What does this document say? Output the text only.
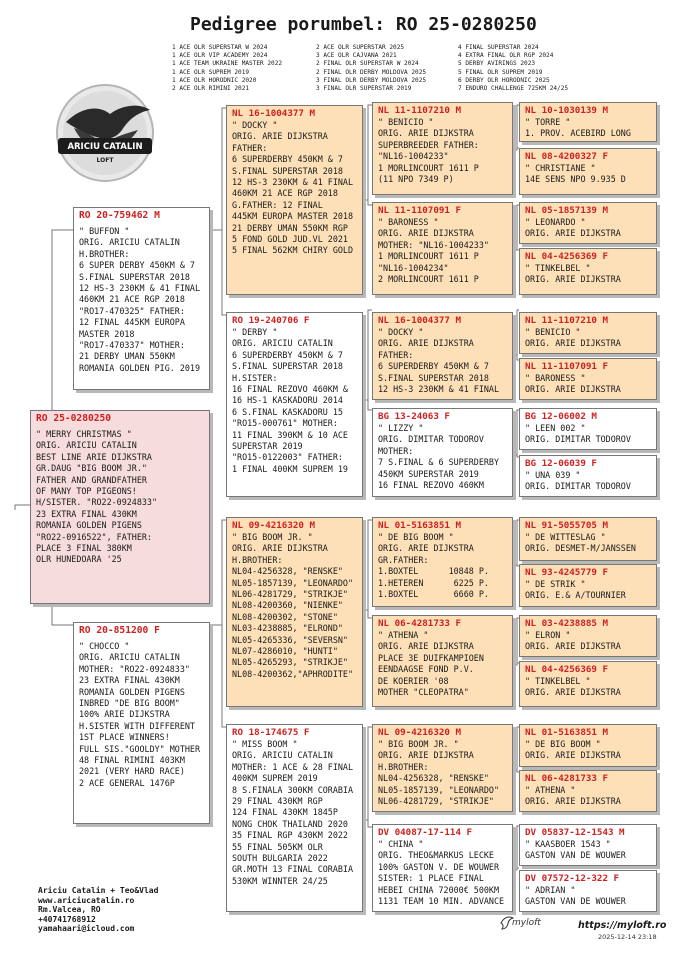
Pedigree porumbel: RO 25-0280250
1 ACE OLR SUPERSTAR W 2024
1 ACE OLR VIP ACADEMY 2024
1 ACE TEAM UKRAINE MASTER 2022
1 ACE OLR SUPREM 2019
1 ACE OLR HORODNIC 2020
2 ACE OLR RIMINI 2021
2 ACE OLR SUPERSTAR 2025
3 ACE OLR CAJVANA 2021
2 FINAL OLR SUPERSTAR W 2024
2 FINAL OLR DERBY MOLDOVA 2025
3 FINAL OLR DERBY MOLDOVA 2025
3 FINAL OLR SUPERSTAR 2019
4 FINAL SUPERSTAR 2024
4 EXTRA FINAL OLR RGP 2024
5 DERBY AVIRINGS 2023
5 FINAL OLR SUPREM 2019
6 DERBY OLR HORODNIC 2025
7 ENDURO CHALLENGE 725KM 24/25
ARICIU CATALIN
LOFT
RO 25-0280250
" MERRY CHRISTMAS "
ORIG. ARICIU CATALIN
BEST LINE ARIE DIJKSTRA
GR.DAUG "BIG BOOM JR."
FATHER AND GRANDFATHER
OF MANY TOP PIGEONS!
H/SISTER. "RO22-0924833"
23 EXTRA FINAL 430KM
ROMANIA GOLDEN PIGENS
"RO22-0916522", FATHER:
PLACE 3 FINAL 380KM
OLR HUNEDOARA '25
RO 20-759462 M
" BUFFON "
ORIG. ARICIU CATALIN
H.BROTHER:
6 SUPER DERBY 450KM & 7
S.FINAL SUPERSTAR 2018
12 HS-3 230KM & 41 FINAL
460KM 21 ACE RGP 2018
"RO17-470325" FATHER:
12 FINAL 445KM EUROPA
MASTER 2018
"RO17-470337" MOTHER:
21 DERBY UMAN 550KM
ROMANIA GOLDEN PIG. 2019
RO 20-851200 F
" CHOCCO "
ORIG. ARICIU CATALIN
MOTHER: "RO22-0924833"
23 EXTRA FINAL 430KM
ROMANIA GOLDEN PIGENS
INBRED "DE BIG BOOM"
100% ARIE DIJKSTRA
H.SISTER WITH DIFFERENT
1ST PLACE WINNERS!
FULL SIS."GOOLDY" MOTHER
48 FINAL RIMINI 403KM
2021 (VERY HARD RACE)
2 ACE GENERAL 1476P
NL 16-1004377 M
" DOCKY "
ORIG. ARIE DIJKSTRA
FATHER:
6 SUPERDERBY 450KM & 7
S.FINAL SUPERSTAR 2018
12 HS-3 230KM & 41 FINAL
460KM 21 ACE RGP 2018
G.FATHER: 12 FINAL
445KM EUROPA MASTER 2018
21 DERBY UMAN 550KM RGP
5 FOND GOLD JUD.VL 2021
5 FINAL 562KM CHIRY GOLD
RO 19-240706 F
" DERBY "
ORIG. ARICIU CATALIN
6 SUPERDERBY 450KM & 7
S.FINAL SUPERSTAR 2018
H.SISTER:
16 FINAL REZOVO 460KM &
16 HS-1 KASKADORU 2014
6 S.FINAL KASKADORU 15
"RO15-000761" MOTHER:
11 FINAL 390KM & 10 ACE
SUPERSTAR 2019
"RO15-0122003" FATHER:
1 FINAL 400KM SUPREM 19
NL 09-4216320 M
" BIG BOOM JR. "
ORIG. ARIE DIJKSTRA
H.BROTHER:
NL04-4256328, "RENSKE"
NL05-1857139, "LEONARDO"
NL06-4281729, "STRIKJE"
NL08-4200360, "NIENKE"
NL08-4200302, "STONE"
NL03-4238885, "ELROND"
NL05-4265336, "SEVERSN"
NL07-4286010, "HUNTI"
NL05-4265293, "STRIKJE"
NL08-4200362,"APHRODITE"
RO 18-174675 F
" MISS BOOM "
ORIG. ARICIU CATALIN
MOTHER: 1 ACE & 28 FINAL
400KM SUPREM 2019
8 S.FINALA 300KM CORABIA
29 FINAL 430KM RGP
124 FINAL 430KM 1845P
NONG CHOK THAILAND 2020
35 FINAL RGP 430KM 2022
55 FINAL 505KM OLR
SOUTH BULGARIA 2022
GR.MOTH 13 FINAL CORABIA
530KM WINNTER 24/25
NL 11-1107210 M
" BENICIO "
ORIG. ARIE DIJKSTRA
SUPERBREEDER FATHER:
"NL16-1004233"
1 MORLINCOURT 1611 P
(11 NPO 7349 P)
NL 11-1107091 F
" BARONESS "
ORIG. ARIE DIJKSTRA
MOTHER: "NL16-1004233"
1 MORLINCOURT 1611 P
"NL16-1004234"
2 MORLINCOURT 1611 P
NL 16-1004377 M
" DOCKY "
ORIG. ARIE DIJKSTRA
FATHER:
6 SUPERDERBY 450KM & 7
S.FINAL SUPERSTAR 2018
12 HS-3 230KM & 41 FINAL
BG 13-24063 F
" LIZZY "
ORIG. DIMITAR TODOROV
MOTHER:
7 S.FINAL & 6 SUPERDERBY
450KM SUPERSTAR 2019
16 FINAL REZOVO 460KM
NL 01-5163851 M
" DE BIG BOOM "
ORIG. ARIE DIJKSTRA
GR.FATHER:
1.BOXTEL      10848 P.
1.HETEREN      6225 P.
1.BOXTEL       6660 P.
NL 06-4281733 F
" ATHENA "
ORIG. ARIE DIJKSTRA
PLACE 3E DUIFKAMPIOEN
EENDAAGSE FOND P.V.
DE KOERIER '08
MOTHER "CLEOPATRA"
NL 09-4216320 M
" BIG BOOM JR. "
ORIG. ARIE DIJKSTRA
H.BROTHER:
NL04-4256328, "RENSKE"
NL05-1857139, "LEONARDO"
NL06-4281729, "STRIKJE"
DV 04087-17-114 F
" CHINA "
ORIG. THEO&MARKUS LECKE
100% GASTON V. DE WOUWER
SISTER: 1 PLACE FINAL
HEBEI CHINA 72000€ 500KM
1131 TEAM 10 MIN. ADVANCE
NL 10-1030139 M
" TORRE "
1. PROV. ACEBIRD LONG
NL 08-4200327 F
" CHRISTIANE "
14E SENS NPO 9.935 D
NL 05-1857139 M
" LEONARDO "
ORIG. ARIE DIJKSTRA
NL 04-4256369 F
" TINKELBEL "
ORIG. ARIE DIJKSTRA
NL 11-1107210 M
" BENICIO "
ORIG. ARIE DIJKSTRA
NL 11-1107091 F
" BARONESS "
ORIG. ARIE DIJKSTRA
BG 12-06002 M
" LEEN 002 "
ORIG. DIMITAR TODOROV
BG 12-06039 F
" UNA 039 "
ORIG. DIMITAR TODOROV
NL 91-5055705 M
" DE WITTESLAG "
ORIG. DESMET-M/JANSSEN
NL 93-4245779 F
" DE STRIK "
ORIG. E.& A/TOURNIER
NL 03-4238885 M
" ELRON "
ORIG. ARIE DIJKSTRA
NL 04-4256369 F
" TINKELBEL "
ORIG. ARIE DIJKSTRA
NL 01-5163851 M
" DE BIG BOOM "
ORIG. ARIE DIJKSTRA
NL 06-4281733 F
" ATHENA "
ORIG. ARIE DIJKSTRA
DV 05837-12-1543 M
" KAASBOER 1543 "
GASTON VAN DE WOUWER
DV 07572-12-322 F
" ADRIAN "
GASTON VAN DE WOUWER
Ariciu Catalin + Teo&Vlad
www.ariciucatalin.ro
Rm.Valcea, RO
+40741768912
yamahaari@icloud.com
myloft	https://myloft.ro
2025-12-14 23:18
